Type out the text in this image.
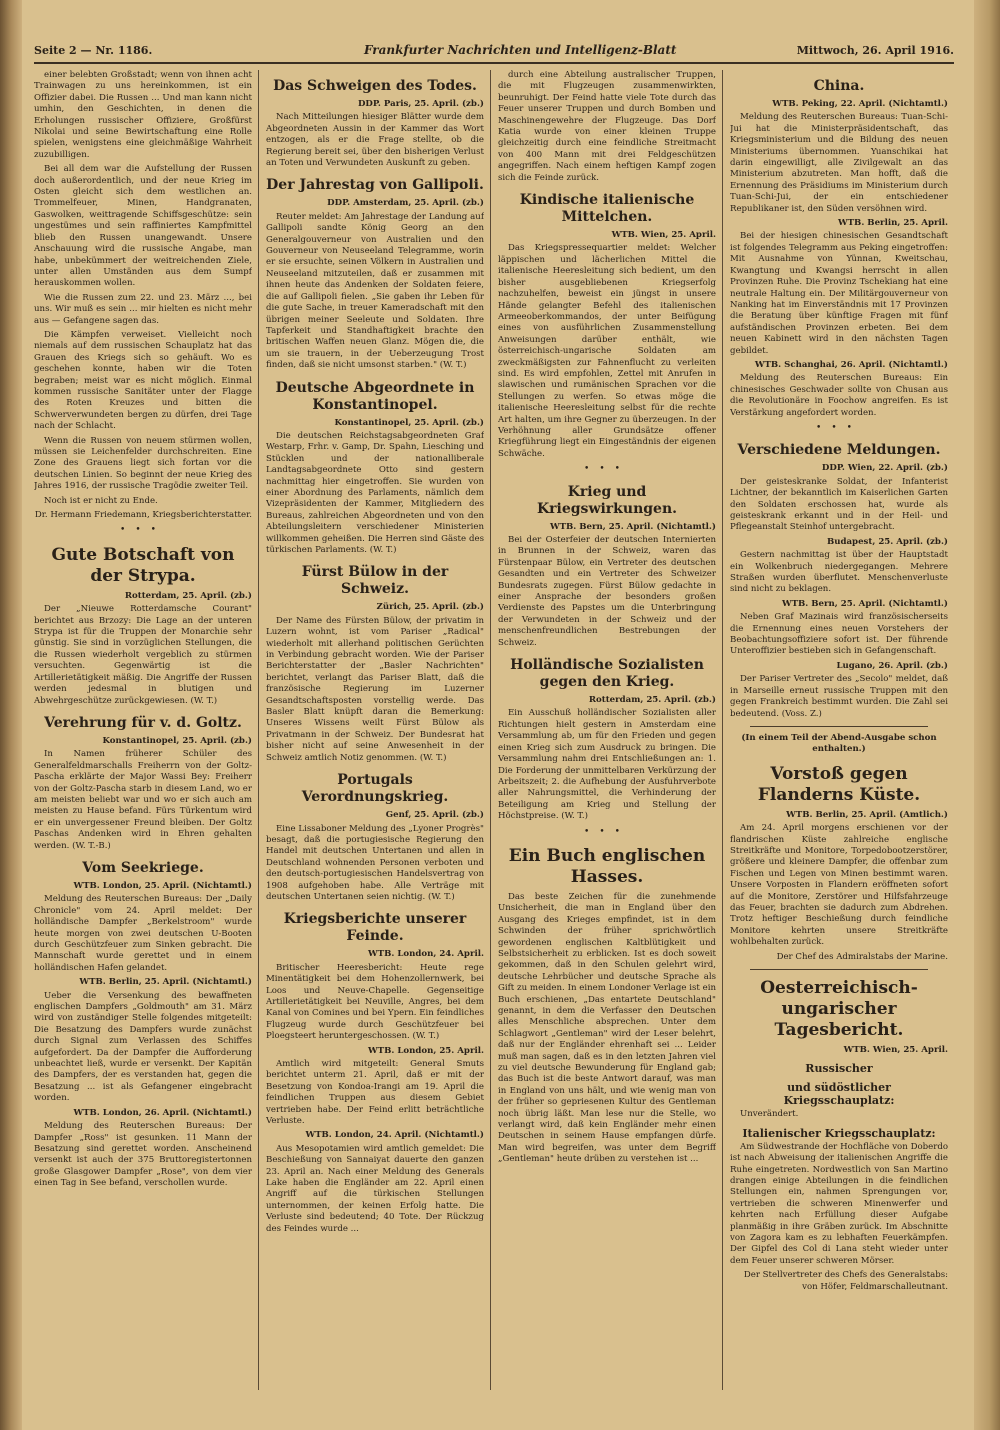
Seite 2 — Nr. 1186.	Frankfurter Nachrichten und Intelligenz-Blatt	Mittwoch, 26. April 1916.

einer belebten Großstadt; wenn von ihnen acht Trainwagen zu uns hereinkommen, ist ein Offizier dabei. Die Russen ... Und man kann nicht umhin, den Geschichten, in denen die Erholungen russischer Offiziere, Großfürst Nikolai und seine Bewirtschaftung eine Rolle spielen, wenigstens eine gleichmäßige Wahrheit zuzubilligen.

Bei all dem war die Aufstellung der Russen doch außerordentlich, und der neue Krieg im Osten gleicht sich dem westlichen an. Trommelfeuer, Minen, Handgranaten, Gaswolken, weittragende Schiffsgeschütze: sein ungestümes und sein raffiniertes Kampfmittel blieb den Russen unangewandt. Unsere Anschauung wird die russische Angabe, man habe, unbekümmert der weitreichenden Ziele, unter allen Umständen aus dem Sumpf herauskommen wollen.

Wie die Russen zum 22. und 23. März ..., bei uns. Wir muß es sein ... mir hielten es nicht mehr aus — Gefangene sagen das.

Die Kämpfen verweiset. Vielleicht noch niemals auf dem russischen Schauplatz hat das Grauen des Kriegs sich so gehäuft. Wo es geschehen konnte, haben wir die Toten begraben; meist war es nicht möglich. Einmal kommen russische Sanitäter unter der Flagge des Roten Kreuzes und bitten die Schwerverwundeten bergen zu dürfen, drei Tage nach der Schlacht.

Wenn die Russen von neuem stürmen wollen, müssen sie Leichenfelder durchschreiten. Eine Zone des Grauens liegt sich fortan vor die deutschen Linien. So beginnt der neue Krieg des Jahres 1916, der russische Tragödie zweiter Teil.

Noch ist er nicht zu Ende.

Dr. Hermann Friedemann, Kriegsberichterstatter.
•••
Gute Botschaft von der Strypa.
Rotterdam, 25. April. (zb.)

Der „Nieuwe Rotterdamsche Courant" berichtet aus Brzozy: Die Lage an der unteren Strypa ist für die Truppen der Monarchie sehr günstig. Sie sind in vorzüglichen Stellungen, die die Russen wiederholt vergeblich zu stürmen versuchten. Gegenwärtig ist die Artillerietätigkeit mäßig. Die Angriffe der Russen werden jedesmal in blutigen und Abwehrgeschütze zurückgewiesen. (W. T.)

Verehrung für v. d. Goltz.
Konstantinopel, 25. April. (zb.)

In Namen früherer Schüler des Generalfeldmarschalls Freiherrn von der Goltz-Pascha erklärte der Major Wassi Bey: Freiherr von der Goltz-Pascha starb in diesem Land, wo er am meisten beliebt war und wo er sich auch am meisten zu Hause befand. Fürs Türkentum wird er ein unvergessener Freund bleiben. Der Goltz Paschas Andenken wird in Ehren gehalten werden. (W. T.-B.)

Vom Seekriege.
WTB. London, 25. April. (Nichtamtl.)

Meldung des Reuterschen Bureaus: Der „Daily Chronicle" vom 24. April meldet: Der holländische Dampfer „Berkelstroom" wurde heute morgen von zwei deutschen U-Booten durch Geschützfeuer zum Sinken gebracht. Die Mannschaft wurde gerettet und in einem holländischen Hafen gelandet.

WTB. Berlin, 25. April. (Nichtamtl.)

Ueber die Versenkung des bewaffneten englischen Dampfers „Goldmouth" am 31. März wird von zuständiger Stelle folgendes mitgeteilt: Die Besatzung des Dampfers wurde zunächst durch Signal zum Verlassen des Schiffes aufgefordert. Da der Dampfer die Aufforderung unbeachtet ließ, wurde er versenkt. Der Kapitän des Dampfers, der es verstanden hat, gegen die Besatzung ... ist als Gefangener eingebracht worden.

WTB. London, 26. April. (Nichtamtl.)

Meldung des Reuterschen Bureaus: Der Dampfer „Ross" ist gesunken. 11 Mann der Besatzung sind gerettet worden. Anscheinend versenkt ist auch der 375 Bruttoregistertonnen große Glasgower Dampfer „Rose", von dem vier einen Tag in See befand, verschollen wurde.

Das Schweigen des Todes.
DDP. Paris, 25. April. (zb.)

Nach Mitteilungen hiesiger Blätter wurde dem Abgeordneten Aussin in der Kammer das Wort entzogen, als er die Frage stellte, ob die Regierung bereit sei, über den bisherigen Verlust an Toten und Verwundeten Auskunft zu geben.

Der Jahrestag von Gallipoli.
DDP. Amsterdam, 25. April. (zb.)

Reuter meldet: Am Jahrestage der Landung auf Gallipoli sandte König Georg an den Generalgouverneur von Australien und den Gouverneur von Neuseeland Telegramme, worin er sie ersuchte, seinen Völkern in Australien und Neuseeland mitzuteilen, daß er zusammen mit ihnen heute das Andenken der Soldaten feiere, die auf Gallipoli fielen. „Sie gaben ihr Leben für die gute Sache, in treuer Kameradschaft mit den übrigen meiner Seeleute und Soldaten. Ihre Tapferkeit und Standhaftigkeit brachte den britischen Waffen neuen Glanz. Mögen die, die um sie trauern, in der Ueberzeugung Trost finden, daß sie nicht umsonst starben." (W. T.)

Deutsche Abgeordnete in Konstantinopel.
Konstantinopel, 25. April. (zb.)

Die deutschen Reichstagsabgeordneten Graf Westarp, Frhr. v. Gamp, Dr. Spahn, Liesching und Stücklen und der nationalliberale Landtagsabgeordnete Otto sind gestern nachmittag hier eingetroffen. Sie wurden von einer Abordnung des Parlaments, nämlich dem Vizepräsidenten der Kammer, Mitgliedern des Bureaus, zahlreichen Abgeordneten und von den Abteilungsleitern verschiedener Ministerien willkommen geheißen. Die Herren sind Gäste des türkischen Parlaments. (W. T.)

Fürst Bülow in der Schweiz.
Zürich, 25. April. (zb.)

Der Name des Fürsten Bülow, der privatim in Luzern wohnt, ist vom Pariser „Radical" wiederholt mit allerhand politischen Gerüchten in Verbindung gebracht worden. Wie der Pariser Berichterstatter der „Basler Nachrichten" berichtet, verlangt das Pariser Blatt, daß die französische Regierung im Luzerner Gesandtschaftsposten vorstellig werde. Das Basler Blatt knüpft daran die Bemerkung: Unseres Wissens weilt Fürst Bülow als Privatmann in der Schweiz. Der Bundesrat hat bisher nicht auf seine Anwesenheit in der Schweiz amtlich Notiz genommen. (W. T.)

Portugals Verordnungskrieg.
Genf, 25. April. (zb.)

Eine Lissaboner Meldung des „Lyoner Progrès" besagt, daß die portugiesische Regierung den Handel mit deutschen Untertanen und allen in Deutschland wohnenden Personen verboten und den deutsch-portugiesischen Handelsvertrag von 1908 aufgehoben habe. Alle Verträge mit deutschen Untertanen seien nichtig. (W. T.)

Kriegsberichte unserer Feinde.
WTB. London, 24. April.

Britischer Heeresbericht: Heute rege Minentätigkeit bei dem Hohenzollernwerk, bei Loos und Neuve-Chapelle. Gegenseitige Artillerietätigkeit bei Neuville, Angres, bei dem Kanal von Comines und bei Ypern. Ein feindliches Flugzeug wurde durch Geschützfeuer bei Ploegsteert heruntergeschossen. (W. T.)

WTB. London, 25. April.

Amtlich wird mitgeteilt: General Smuts berichtet unterm 21. April, daß er mit der Besetzung von Kondoa-Irangi am 19. April die feindlichen Truppen aus diesem Gebiet vertrieben habe. Der Feind erlitt beträchtliche Verluste.

WTB. London, 24. April. (Nichtamtl.)

Aus Mesopotamien wird amtlich gemeldet: Die Beschießung von Sannaiyat dauerte den ganzen 23. April an. Nach einer Meldung des Generals Lake haben die Engländer am 22. April einen Angriff auf die türkischen Stellungen unternommen, der keinen Erfolg hatte. Die Verluste sind bedeutend; 40 Tote. Der Rückzug des Feindes wurde ...

durch eine Abteilung australischer Truppen, die mit Flugzeugen zusammenwirkten, beunruhigt. Der Feind hatte viele Tote durch das Feuer unserer Truppen und durch Bomben und Maschinengewehre der Flugzeuge. Das Dorf Katia wurde von einer kleinen Truppe gleichzeitig durch eine feindliche Streitmacht von 400 Mann mit drei Feldgeschützen angegriffen. Nach einem heftigen Kampf zogen sich die Feinde zurück.

Kindische italienische Mittelchen.
WTB. Wien, 25. April.

Das Kriegspressequartier meldet: Welcher läppischen und lächerlichen Mittel die italienische Heeresleitung sich bedient, um den bisher ausgebliebenen Kriegserfolg nachzuhelfen, beweist ein jüngst in unsere Hände gelangter Befehl des italienischen Armeeoberkommandos, der unter Beifügung eines von ausführlichen Zusammenstellung Anweisungen darüber enthält, wie österreichisch-ungarische Soldaten am zweckmäßigsten zur Fahnenflucht zu verleiten sind. Es wird empfohlen, Zettel mit Anrufen in slawischen und rumänischen Sprachen vor die Stellungen zu werfen. So etwas möge die italienische Heeresleitung selbst für die rechte Art halten, um ihre Gegner zu überzeugen. In der Verhöhnung aller Grundsätze offener Kriegführung liegt ein Eingeständnis der eigenen Schwäche.

•••
Krieg und Kriegswirkungen.
WTB. Bern, 25. April. (Nichtamtl.)

Bei der Osterfeier der deutschen Internierten in Brunnen in der Schweiz, waren das Fürstenpaar Bülow, ein Vertreter des deutschen Gesandten und ein Vertreter des Schweizer Bundesrats zugegen. Fürst Bülow gedachte in einer Ansprache der besonders großen Verdienste des Papstes um die Unterbringung der Verwundeten in der Schweiz und der menschenfreundlichen Bestrebungen der Schweiz.

Holländische Sozialisten gegen den Krieg.
Rotterdam, 25. April. (zb.)

Ein Ausschuß holländischer Sozialisten aller Richtungen hielt gestern in Amsterdam eine Versammlung ab, um für den Frieden und gegen einen Krieg sich zum Ausdruck zu bringen. Die Versammlung nahm drei Entschließungen an: 1. Die Forderung der unmittelbaren Verkürzung der Arbeitszeit; 2. die Aufhebung der Ausfuhrverbote aller Nahrungsmittel, die Verhinderung der Beteiligung am Krieg und Stellung der Höchstpreise. (W. T.)

•••
Ein Buch englischen Hasses.

Das beste Zeichen für die zunehmende Unsicherheit, die man in England über den Ausgang des Krieges empfindet, ist in dem Schwinden der früher sprichwörtlich gewordenen englischen Kaltblütigkeit und Selbstsicherheit zu erblicken. Ist es doch soweit gekommen, daß in den Schulen gelehrt wird, deutsche Lehrbücher und deutsche Sprache als Gift zu meiden. In einem Londoner Verlage ist ein Buch erschienen, „Das entartete Deutschland" genannt, in dem die Verfasser den Deutschen alles Menschliche absprechen. Unter dem Schlagwort „Gentleman" wird der Leser belehrt, daß nur der Engländer ehrenhaft sei ... Leider muß man sagen, daß es in den letzten Jahren viel zu viel deutsche Bewunderung für England gab; das Buch ist die beste Antwort darauf, was man in England von uns hält, und wie wenig man von der früher so gepriesenen Kultur des Gentleman noch übrig läßt. Man lese nur die Stelle, wo verlangt wird, daß kein Engländer mehr einen Deutschen in seinem Hause empfangen dürfe. Man wird begreifen, was unter dem Begriff „Gentleman" heute drüben zu verstehen ist ...

China.
WTB. Peking, 22. April. (Nichtamtl.)

Meldung des Reuterschen Bureaus: Tuan-Schi-Jui hat die Ministerpräsidentschaft, das Kriegsministerium und die Bildung des neuen Ministeriums übernommen. Yuanschikai hat darin eingewilligt, alle Zivilgewalt an das Ministerium abzutreten. Man hofft, daß die Ernennung des Präsidiums im Ministerium durch Tuan-Schi-Jui, der ein entschiedener Republikaner ist, den Süden versöhnen wird.

WTB. Berlin, 25. April.

Bei der hiesigen chinesischen Gesandtschaft ist folgendes Telegramm aus Peking eingetroffen: Mit Ausnahme von Yünnan, Kweitschau, Kwangtung und Kwangsi herrscht in allen Provinzen Ruhe. Die Provinz Tschekiang hat eine neutrale Haltung ein. Der Militärgouverneur von Nanking hat im Einverständnis mit 17 Provinzen die Beratung über künftige Fragen mit fünf aufständischen Provinzen erbeten. Bei dem neuen Kabinett wird in den nächsten Tagen gebildet.

WTB. Schanghai, 26. April. (Nichtamtl.)

Meldung des Reuterschen Bureaus: Ein chinesisches Geschwader sollte von Chusan aus die Revolutionäre in Foochow angreifen. Es ist Verstärkung angefordert worden.

•••
Verschiedene Meldungen.
DDP. Wien, 22. April. (zb.)

Der geisteskranke Soldat, der Infanterist Lichtner, der bekanntlich im Kaiserlichen Garten den Soldaten erschossen hat, wurde als geisteskrank erkannt und in der Heil- und Pflegeanstalt Steinhof untergebracht.

Budapest, 25. April. (zb.)

Gestern nachmittag ist über der Hauptstadt ein Wolkenbruch niedergegangen. Mehrere Straßen wurden überflutet. Menschenverluste sind nicht zu beklagen.

WTB. Bern, 25. April. (Nichtamtl.)

Neben Graf Mazinais wird französischerseits die Ernennung eines neuen Vorstehers der Beobachtungsoffiziere sofort ist. Der führende Unteroffizier bestieben sich in Gefangenschaft.

Lugano, 26. April. (zb.)

Der Pariser Vertreter des „Secolo" meldet, daß in Marseille erneut russische Truppen mit den gegen Frankreich bestimmt wurden. Die Zahl sei bedeutend. (Voss. Z.)

(In einem Teil der Abend-Ausgabe schon enthalten.)
Vorstoß gegen
Flanderns Küste.
WTB. Berlin, 25. April. (Amtlich.)

Am 24. April morgens erschienen vor der flandrischen Küste zahlreiche englische Streitkräfte und Monitore, Torpedobootzerstörer, größere und kleinere Dampfer, die offenbar zum Fischen und Legen von Minen bestimmt waren. Unsere Vorposten in Flandern eröffneten sofort auf die Monitore, Zerstörer und Hilfsfahrzeuge das Feuer, brachten sie dadurch zum Abdrehen. Trotz heftiger Beschießung durch feindliche Monitore kehrten unsere Streitkräfte wohlbehalten zurück.

Der Chef des Admiralstabs der Marine.
Oesterreichisch-ungarischer
Tagesbericht.
WTB. Wien, 25. April.
Russischer
und südöstlicher Kriegsschauplatz:

Unverändert.

Italienischer Kriegsschauplatz:

Am Südwestrande der Hochfläche von Doberdo ist nach Abweisung der italienischen Angriffe die Ruhe eingetreten. Nordwestlich von San Martino drangen einige Abteilungen in die feindlichen Stellungen ein, nahmen Sprengungen vor, vertrieben die schweren Minenwerfer und kehrten nach Erfüllung dieser Aufgabe planmäßig in ihre Gräben zurück. Im Abschnitte von Zagora kam es zu lebhaften Feuerkämpfen. Der Gipfel des Col di Lana steht wieder unter dem Feuer unserer schweren Mörser.

Der Stellvertreter des Chefs des Generalstabs: von Höfer, Feldmarschalleutnant.
